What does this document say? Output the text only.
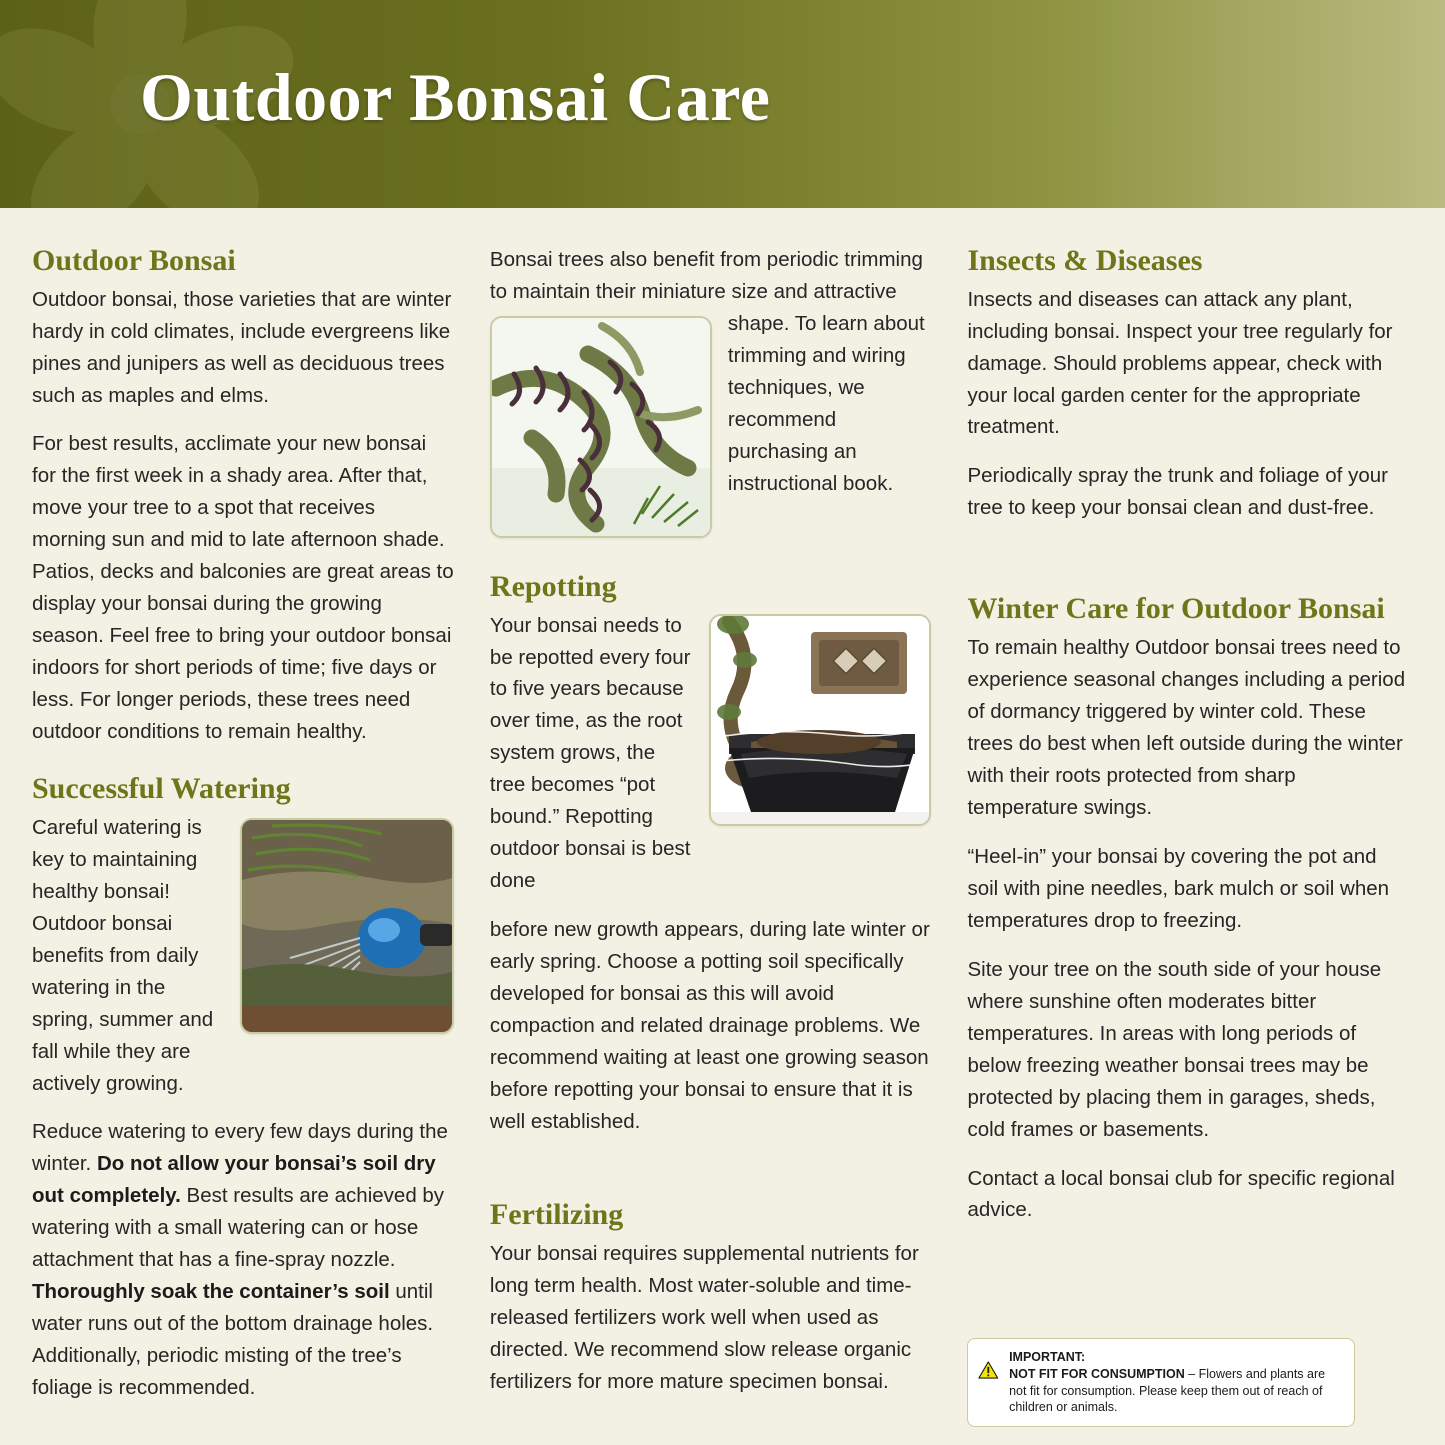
Outdoor Bonsai Care
Outdoor Bonsai

Outdoor bonsai, those varieties that are winter hardy in cold climates, include evergreens like pines and junipers as well as deciduous trees such as maples and elms.

For best results, acclimate your new bonsai for the first week in a shady area. After that, move your tree to a spot that receives morning sun and mid to late afternoon shade. Patios, decks and balconies are great areas to display your bonsai during the growing season. Feel free to bring your outdoor bonsai indoors for short periods of time; five days or less. For longer periods, these trees need outdoor conditions to remain healthy.

Successful Watering

Careful watering is key to maintaining healthy bonsai! Outdoor bonsai benefits from daily watering in the spring, summer and fall while they are actively growing.

Reduce watering to every few days during the winter. Do not allow your bonsai’s soil dry out completely. Best results are achieved by watering with a small watering can or hose attachment that has a fine-spray nozzle. Thoroughly soak the container’s soil until water runs out of the bottom drainage holes. Additionally, periodic misting of the tree’s foliage is recommended.

Bonsai trees also benefit from periodic trimming to maintain their miniature size and attractive

shape. To learn about trimming and wiring techniques, we recommend purchasing an instructional book.

Repotting

Your bonsai needs to be repotted every four to five years because over time, as the root system grows, the tree becomes “pot bound.” Repotting outdoor bonsai is best done

before new growth appears, during late winter or early spring. Choose a potting soil specifically developed for bonsai as this will avoid compaction and related drainage problems. We recommend waiting at least one growing season before repotting your bonsai to ensure that it is well established.

Fertilizing

Your bonsai requires supplemental nutrients for long term health. Most water-soluble and time-released fertilizers work well when used as directed. We recommend slow release organic fertilizers for more mature specimen bonsai.

Insects & Diseases

Insects and diseases can attack any plant, including bonsai. Inspect your tree regularly for damage. Should problems appear, check with your local garden center for the appropriate treatment.

Periodically spray the trunk and foliage of your tree to keep your bonsai clean and dust-free.

Winter Care for Outdoor Bonsai

To remain healthy Outdoor bonsai trees need to experience seasonal changes including a period of dormancy triggered by winter cold. These trees do best when left outside during the winter with their roots protected from sharp temperature swings.

“Heel-in” your bonsai by covering the pot and soil with pine needles, bark mulch or soil when temperatures drop to freezing.

Site your tree on the south side of your house where sunshine often moderates bitter temperatures. In areas with long periods of below freezing weather bonsai trees may be protected by placing them in garages, sheds, cold frames or basements.

Contact a local bonsai club for specific regional advice.

IMPORTANT:
NOT FIT FOR CONSUMPTION – Flowers and plants are not fit for consumption. Please keep them out of reach of children or animals.
